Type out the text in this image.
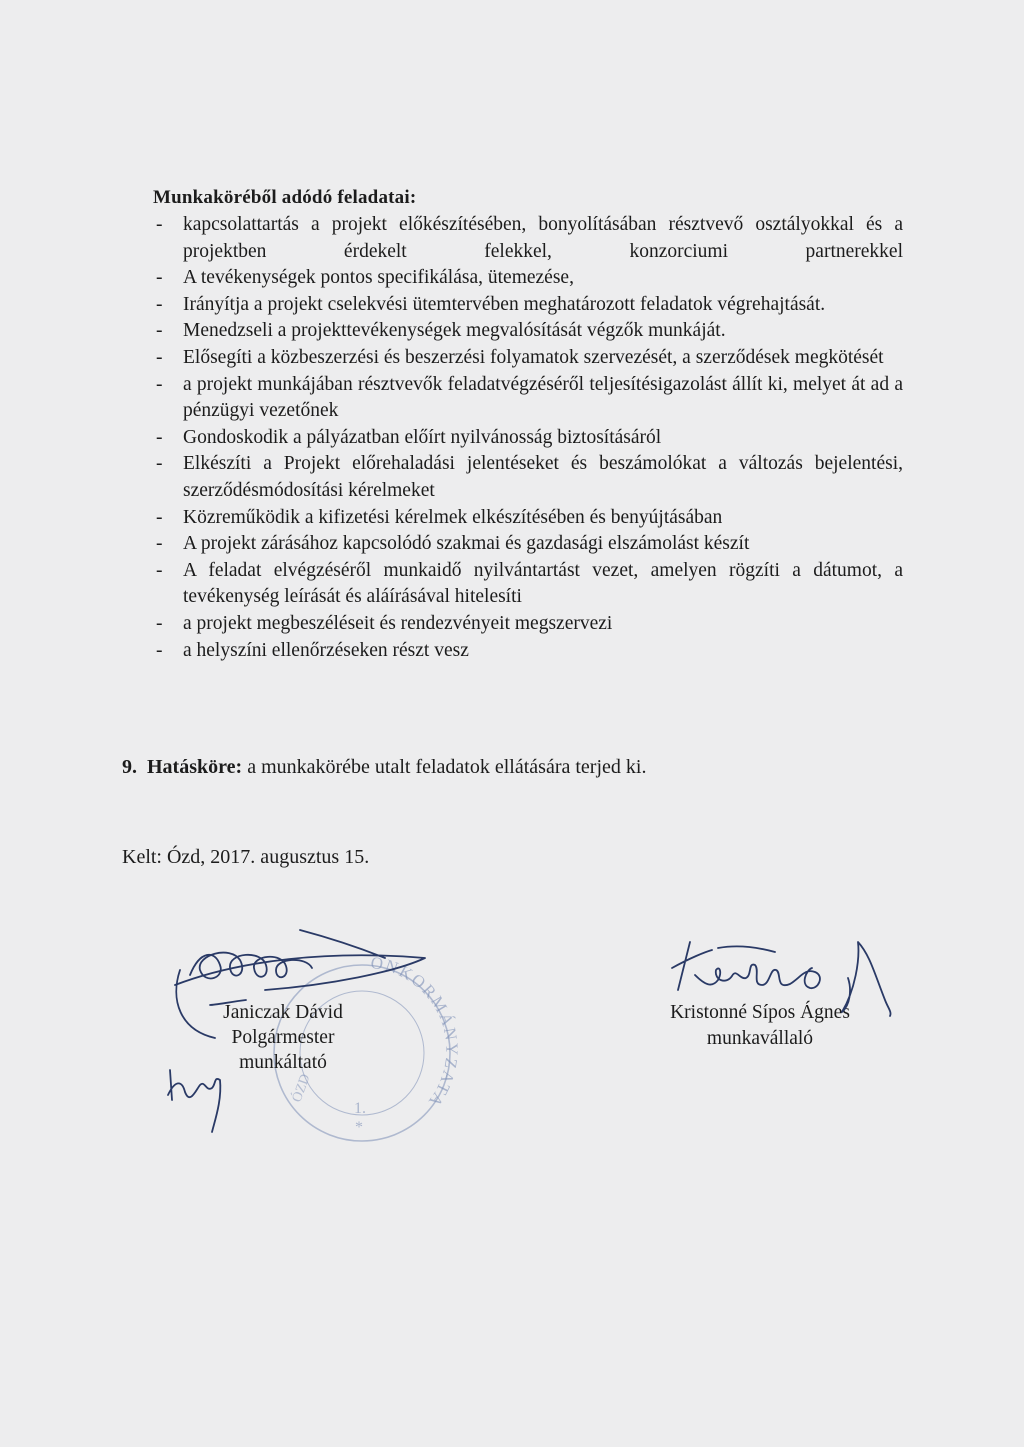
Munkaköréből adódó feladatai:
- kapcsolattartás a projekt előkészítésében, bonyolításában résztvevő osztályokkal és a projektben érdekelt felekkel, konzorciumi partnerekkel
- A tevékenységek pontos specifikálása, ütemezése,
- Irányítja a projekt cselekvési ütemtervében meghatározott feladatok végrehajtását.
- Menedzseli a projekttevékenységek megvalósítását végzők munkáját.
- Elősegíti a közbeszerzési és beszerzési folyamatok szervezését, a szerződések megkötését
- a projekt munkájában résztvevők feladatvégzéséről teljesítésigazolást állít ki, melyet át ad a pénzügyi vezetőnek
- Gondoskodik a pályázatban előírt nyilvánosság biztosításáról
- Elkészíti a Projekt előrehaladási jelentéseket és beszámolókat a változás bejelentési, szerződésmódosítási kérelmeket
- Közreműködik a kifizetési kérelmek elkészítésében és benyújtásában
- A projekt zárásához kapcsolódó szakmai és gazdasági elszámolást készít
- A feladat elvégzéséről munkaidő nyilvántartást vezet, amelyen rögzíti a dátumot, a tevékenység leírását és aláírásával hitelesíti
- a projekt megbeszéléseit és rendezvényeit megszervezi
- a helyszíni ellenőrzéseken részt vesz
9. Hatásköre: a munkakörébe utalt feladatok ellátására terjed ki.
Kelt: Ózd, 2017. augusztus 15.
ÖNKORMÁNYZATA
ÓZD
1.
*
Janiczak Dávid
Polgármester
munkáltató
Kristonné Sípos Ágnes
munkavállaló
